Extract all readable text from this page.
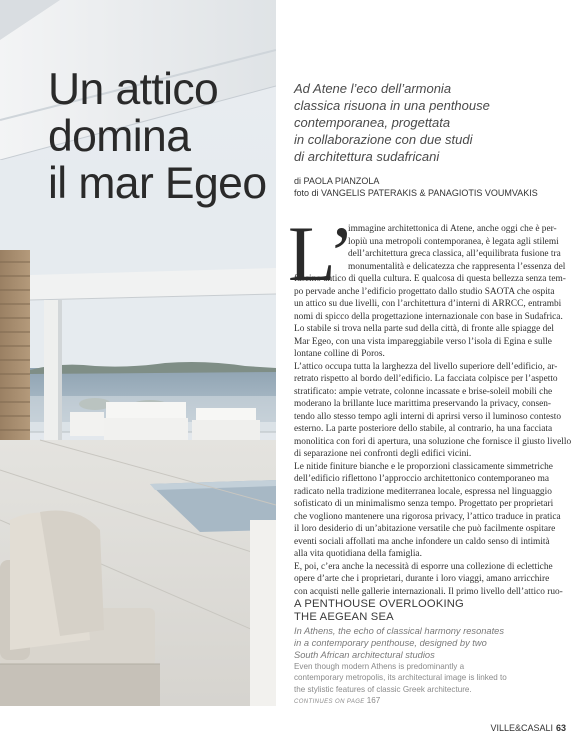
Un attico
domina
il mar Egeo

Ad Atene l’eco dell’armonia
classica risuona in una penthouse
contemporanea, progettata
in collaborazione con due studi
di architettura sudafricani

di PAOLA PIANZOLA
foto di VANGELIS PATERAKIS & PANAGIOTIS VOUMVAKIS
L’
immagine architettonica di Atene, anche oggi che è per-
lopiù una metropoli contemporanea, è legata agli stilemi
dell’architettura greca classica, all’equilibrata fusione tra
monumentalità e delicatezza che rappresenta l’essenza del
fascino antico di quella cultura. E qualcosa di questa bellezza senza tem-
po pervade anche l’edificio progettato dallo studio SAOTA che ospita
un attico su due livelli, con l’architettura d’interni di ARRCC, entrambi
nomi di spicco della progettazione internazionale con base in Sudafrica.
Lo stabile si trova nella parte sud della città, di fronte alle spiagge del
Mar Egeo, con una vista impareggiabile verso l’isola di Egina e sulle
lontane colline di Poros.
L’attico occupa tutta la larghezza del livello superiore dell’edificio, ar-
retrato rispetto al bordo dell’edificio. La facciata colpisce per l’aspetto
stratificato: ampie vetrate, colonne incassate e brise-soleil mobili che
moderano la brillante luce marittima preservando la privacy, consen-
tendo allo stesso tempo agli interni di aprirsi verso il luminoso contesto
esterno. La parte posteriore dello stabile, al contrario, ha una facciata
monolitica con fori di apertura, una soluzione che fornisce il giusto livello
di separazione nei confronti degli edifici vicini.
Le nitide finiture bianche e le proporzioni classicamente simmetriche
dell’edificio riflettono l’approccio architettonico contemporaneo ma
radicato nella tradizione mediterranea locale, espressa nel linguaggio
sofisticato di un minimalismo senza tempo. Progettato per proprietari
che vogliono mantenere una rigorosa privacy, l’attico traduce in pratica
il loro desiderio di un’abitazione versatile che può facilmente ospitare
eventi sociali affollati ma anche infondere un caldo senso di intimità
alla vita quotidiana della famiglia.
E, poi, c’era anche la necessità di esporre una collezione di eclettiche
opere d’arte che i proprietari, durante i loro viaggi, amano arricchire
con acquisti nelle gallerie internazionali. Il primo livello dell’attico ruo-
A PENTHOUSE OVERLOOKING
THE AEGEAN SEA
In Athens, the echo of classical harmony resonates
in a contemporary penthouse, designed by two
South African architectural studios
Even though modern Athens is predominantly a
contemporary metropolis, its architectural image is linked to
the stylistic features of classic Greek architecture.
CONTINUES ON PAGE 167
VILLE&CASALI 63
